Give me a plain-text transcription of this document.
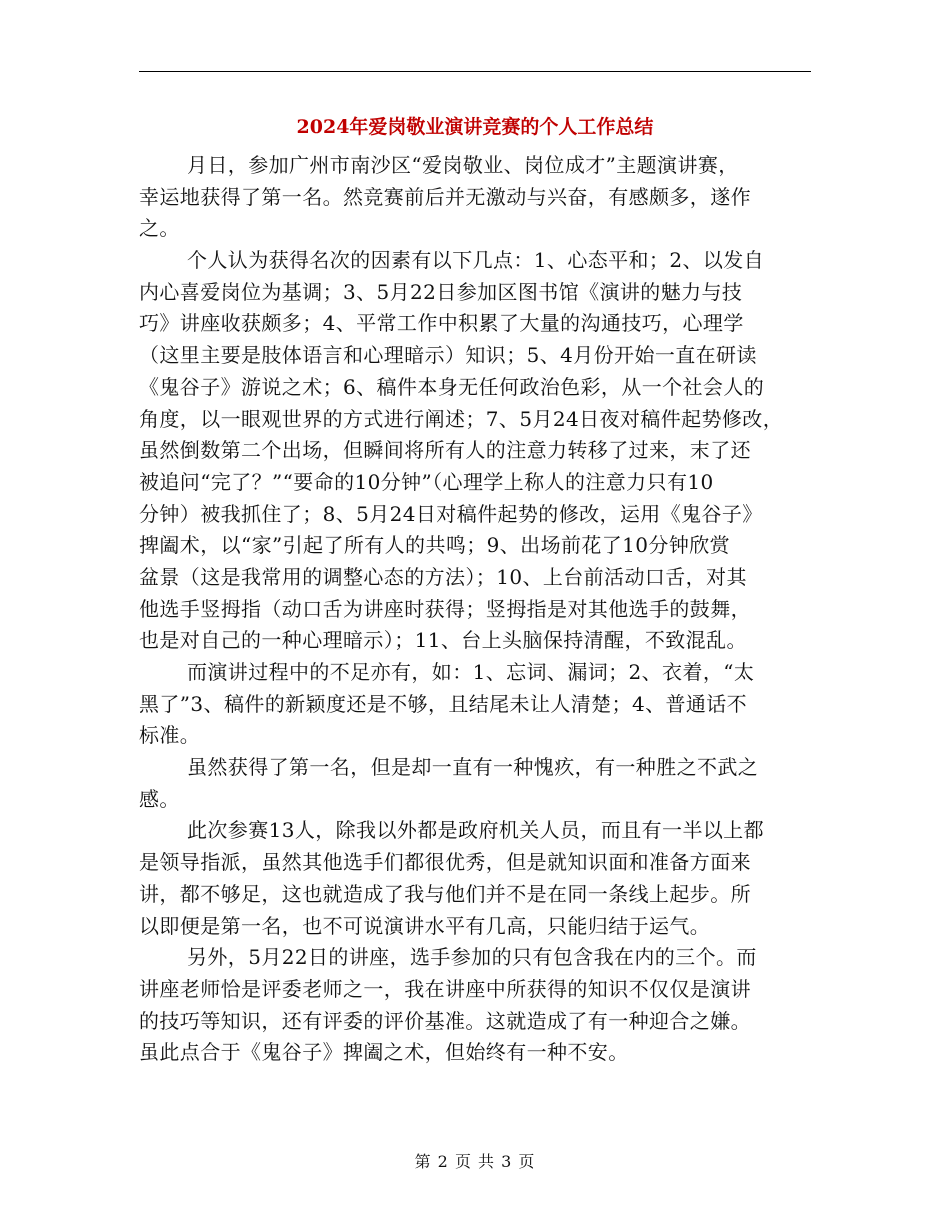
2024年爱岗敬业演讲竞赛的个人工作总结
月日，参加广州市南沙区“爱岗敬业、岗位成才”主题演讲赛，
幸运地获得了第一名。然竞赛前后并无激动与兴奋，有感颇多，遂作
之。
个人认为获得名次的因素有以下几点：1、心态平和；2、以发自
内心喜爱岗位为基调；3、5月22日参加区图书馆《演讲的魅力与技
巧》讲座收获颇多；4、平常工作中积累了大量的沟通技巧，心理学
（这里主要是肢体语言和心理暗示）知识；5、4月份开始一直在研读
《鬼谷子》游说之术；6、稿件本身无任何政治色彩，从一个社会人的
角度，以一眼观世界的方式进行阐述；7、5月24日夜对稿件起势修改，
虽然倒数第二个出场，但瞬间将所有人的注意力转移了过来，末了还
被追问“完了？”“要命的10分钟”（心理学上称人的注意力只有10
分钟）被我抓住了；8、5月24日对稿件起势的修改，运用《鬼谷子》
捭阖术，以“家”引起了所有人的共鸣；9、出场前花了10分钟欣赏
盆景（这是我常用的调整心态的方法）；10、上台前活动口舌，对其
他选手竖拇指（动口舌为讲座时获得；竖拇指是对其他选手的鼓舞，
也是对自己的一种心理暗示）；11、台上头脑保持清醒，不致混乱。
而演讲过程中的不足亦有，如：1、忘词、漏词；2、衣着，“太
黑了”3、稿件的新颖度还是不够，且结尾未让人清楚；4、普通话不
标准。
虽然获得了第一名，但是却一直有一种愧疚，有一种胜之不武之
感。
此次参赛13人，除我以外都是政府机关人员，而且有一半以上都
是领导指派，虽然其他选手们都很优秀，但是就知识面和准备方面来
讲，都不够足，这也就造成了我与他们并不是在同一条线上起步。所
以即便是第一名，也不可说演讲水平有几高，只能归结于运气。
另外，5月22日的讲座，选手参加的只有包含我在内的三个。而
讲座老师恰是评委老师之一，我在讲座中所获得的知识不仅仅是演讲
的技巧等知识，还有评委的评价基准。这就造成了有一种迎合之嫌。
虽此点合于《鬼谷子》捭阖之术，但始终有一种不安。
第 2 页 共 3 页
